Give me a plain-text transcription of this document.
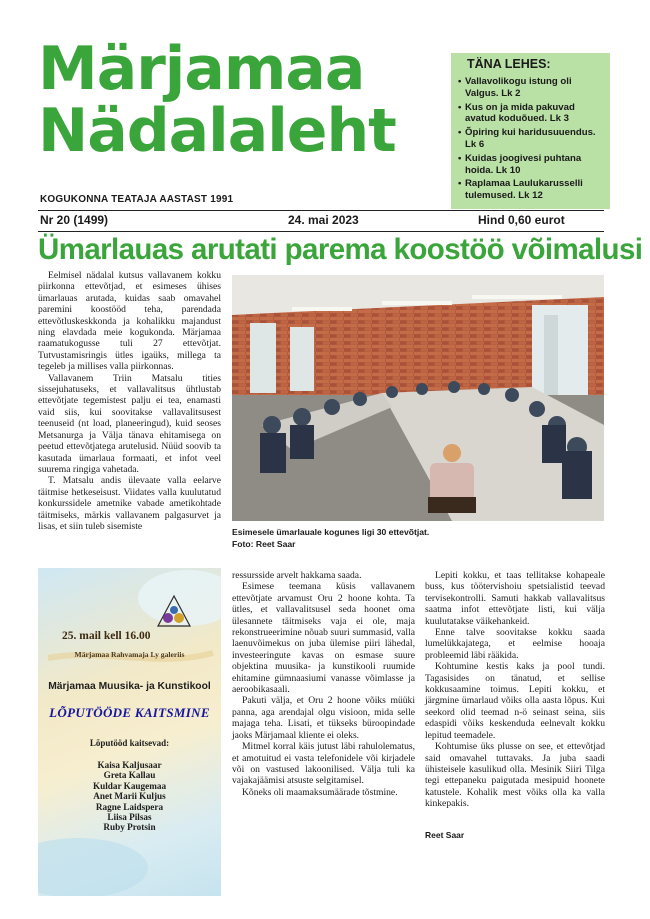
Märjamaa
Nädalaleht
KOGUKONNA TEATAJA AASTAST 1991
TÄNA LEHES:
• Vallavolikogu istung oli Valgus. Lk 2
• Kus on ja mida pakuvad avatud koduõued. Lk 3
• Õpiring kui haridusuuendus. Lk 6
• Kuidas joogivesi puhtana hoida. Lk 10
• Raplamaa Laulukarusselli tulemused. Lk 12
Nr 20 (1499)	24. mai 2023	Hind 0,60 eurot
Ümarlauas arutati parema koostöö võimalusi

Eelmisel nädalal kutsus vallavanem kokku piirkonna ettevõtjad, et esimeses ühises ümarlauas arutada, kuidas saab omavahel paremini koostööd teha, parendada ettevõtluskeskkonda ja kohalikku majandust ning elavdada meie kogukonda. Märjamaa raamatukogusse tuli 27 ettevõtjat. Tutvustamisringis ütles igaüks, millega ta tegeleb ja millises valla piirkonnas.

Vallavanem Triin Matsalu tities sissejuhatuseks, et vallavalitsus ühtlustab ettevõtjate tegemistest palju ei tea, enamasti vaid siis, kui soovitakse vallavalitsusest teenuseid (nt load, planeeringud), kuid seoses Metsanurga ja Välja tänava ehitamisega on peetud ettevõtjatega arutelusid. Nüüd soovib ta kasutada ümarlaua formaati, et infot veel suurema ringiga vahetada.

T. Matsalu andis ülevaate valla eelarve täitmise hetkeseisust. Viidates valla kuulutatud konkurssidele ametnike vabade ametikohtade täitmiseks, märkis vallavanem palgasurvet ja lisas, et siin tuleb sisemiste

Esimesele ümarlauale kogunes ligi 30 ettevõtjat.
Foto: Reet Saar
25. mail kell 16.00
Märjamaa Rahvamaja Ly galeriis
Märjamaa Muusika- ja Kunstikool
LÕPUTÖÖDE KAITSMINE
Lõputööd kaitsevad:
Kaisa Kaljusaar
Greta Kallau
Kuldar Kaugemaa
Anet Marii Kuljus
Ragne Laidspera
Liisa Pilsas
Ruby Protsin

ressursside arvelt hakkama saada.

Esimese teemana küsis vallavanem ettevõtjate arvamust Oru 2 hoone kohta. Ta ütles, et vallavalitsusel seda hoonet oma ülesannete täitmiseks vaja ei ole, maja rekonstrueerimine nõuab suuri summasid, valla laenuvõimekus on juba ülemise piiri lähedal, investeeringute kavas on esmase suure objektina muusika- ja kunstikooli ruumide ehitamine gümnaasiumi vanasse võimlasse ja aeroobikasaali.

Pakuti välja, et Oru 2 hoone võiks müüki panna, aga arendajal olgu visioon, mida selle majaga teha. Lisati, et tükseks büroopindade jaoks Märjamaal kliente ei oleks.

Mitmel korral käis jutust läbi rahulolematus, et amotuitud ei vasta telefonidele või kirjadele või on vastused lakoonilised. Välja tuli ka vajakajäämisi atsuste selgitamisel.

Kõneks oli maamaksumäärade tõstmine.

Lepiti kokku, et taas tellitakse kohapeale buss, kus töötervishoiu spetsialistid teevad tervisekontrolli. Samuti hakkab vallavalitsus saatma infot ettevõtjate listi, kui välja kuulutatakse väikehankeid.

Enne talve soovitakse kokku saada lumelükkajatega, et eelmise hooaja probleemid läbi rääkida.

Kohtumine kestis kaks ja pool tundi. Tagasisides on tänatud, et sellise kokkusaamine toimus. Lepiti kokku, et järgmine ümarlaud võiks olla aasta lõpus. Kui seekord olid teemad n-ö seinast seina, siis edaspidi võiks keskenduda eelnevalt kokku lepitud teemadele.

Kohtumise üks plusse on see, et ettevõtjad said omavahel tuttavaks. Ja juba saadi ühisteisele kasulikud olla. Mesinik Siiri Tilga tegi ettepaneku paigutada mesipuid hoonete katustele. Kohalik mest võiks olla ka valla kinkepakis.

Reet Saar
